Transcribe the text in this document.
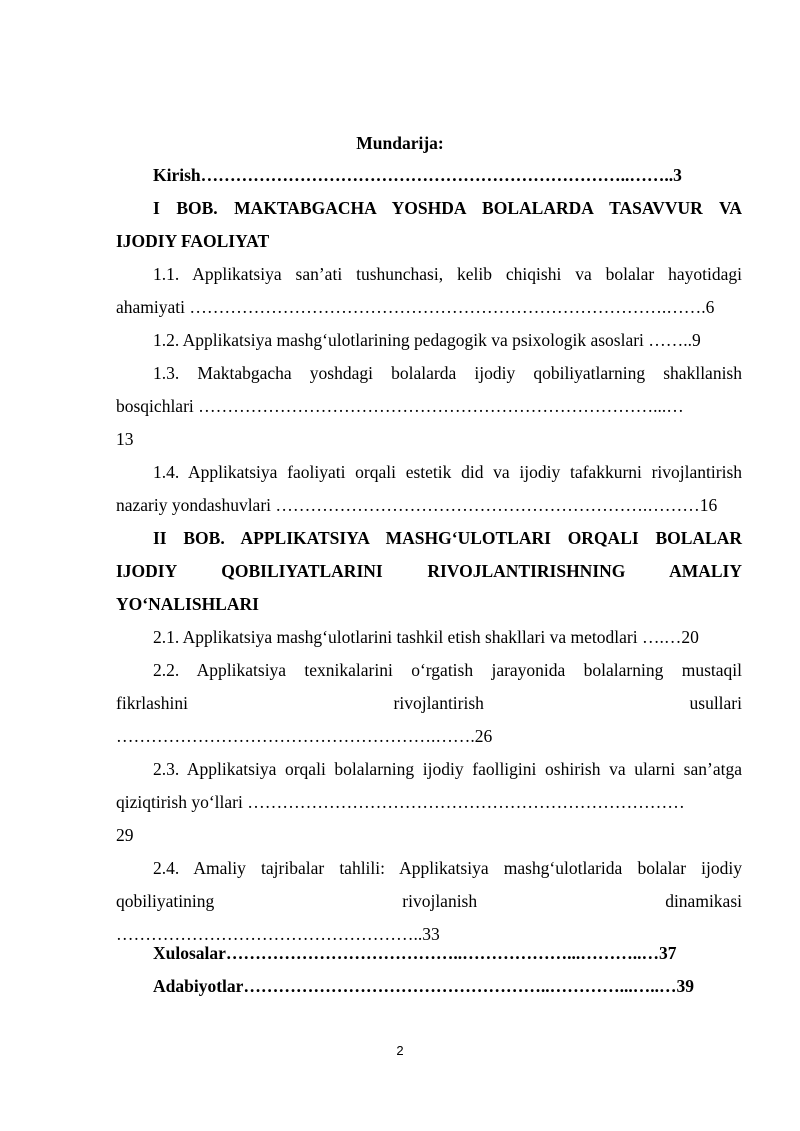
Mundarija:
Kirish………………………………………………………………..……..3
I BOB. MAKTABGACHA YOSHDA BOLALARDA TASAVVUR VA
IJODIY FAOLIYAT
1.1. Applikatsiya san’ati tushunchasi, kelib chiqishi va bolalar hayotidagi
ahamiyati ……………………………………………………………………….…….6
1.2. Applikatsiya mashg‘ulotlarining pedagogik va psixologik asoslari ……..9
1.3. Maktabgacha yoshdagi bolalarda ijodiy qobiliyatlarning shakllanish
bosqichlari ……………………………………………………………………...…
13
1.4. Applikatsiya faoliyati orqali estetik did va ijodiy tafakkurni rivojlantirish
nazariy yondashuvlari ……………………………………………………….………16
II BOB. APPLIKATSIYA MASHG‘ULOTLARI ORQALI BOLALAR
IJODIY QOBILIYATLARINI RIVOJLANTIRISHNING AMALIY
YO‘NALISHLARI
2.1. Applikatsiya mashg‘ulotlarini tashkil etish shakllari va metodlari ….…20
2.2. Applikatsiya texnikalarini o‘rgatish jarayonida bolalarning mustaqil
fikrlashini rivojlantirish usullari
……………………………………………….…….26
2.3. Applikatsiya orqali bolalarning ijodiy faolligini oshirish va ularni san’atga
qiziqtirish yo‘llari …………………………………………………………………
29
2.4. Amaliy tajribalar tahlili: Applikatsiya mashg‘ulotlarida bolalar ijodiy
qobiliyatining rivojlanish dinamikasi
……………………………………………..33
Xulosalar…………………………………..………………...………..…37
Adabiyotlar……………………………………………..…………...…..…39
2
